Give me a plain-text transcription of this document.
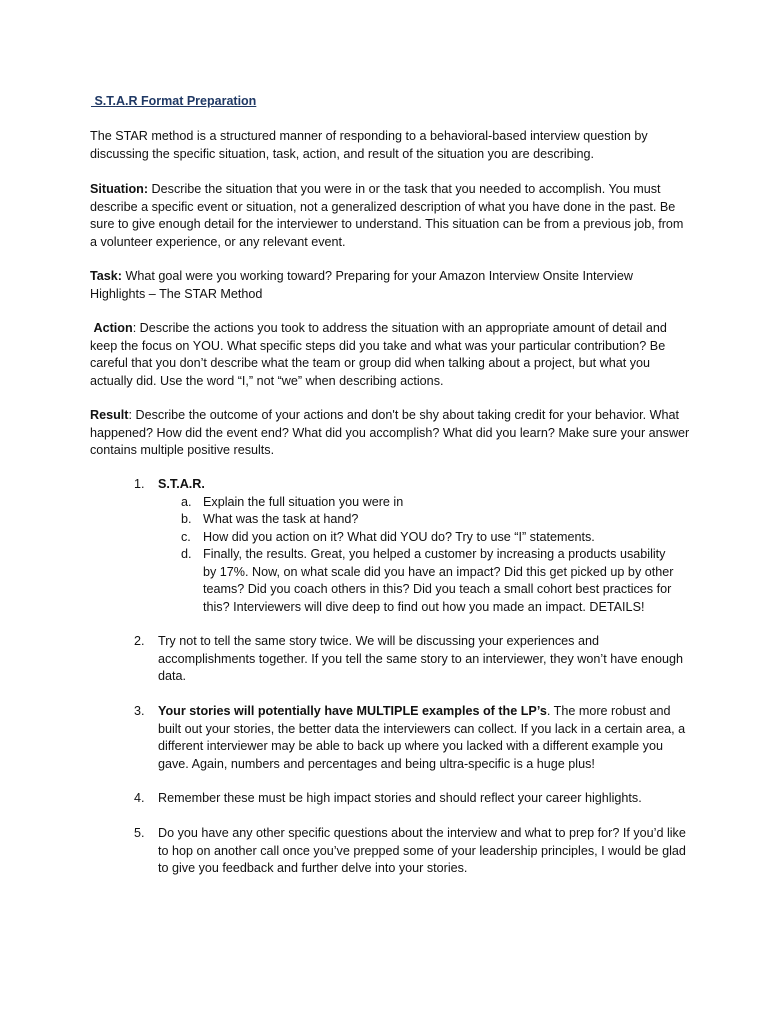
S.T.A.R Format Preparation

The STAR method is a structured manner of responding to a behavioral-based interview question by discussing the specific situation, task, action, and result of the situation you are describing.

Situation: Describe the situation that you were in or the task that you needed to accomplish. You must describe a specific event or situation, not a generalized description of what you have done in the past. Be sure to give enough detail for the interviewer to understand. This situation can be from a previous job, from a volunteer experience, or any relevant event.

Task: What goal were you working toward? Preparing for your Amazon Interview Onsite Interview Highlights – The STAR Method

Action: Describe the actions you took to address the situation with an appropriate amount of detail and keep the focus on YOU. What specific steps did you take and what was your particular contribution? Be careful that you don’t describe what the team or group did when talking about a project, but what you actually did. Use the word “I,” not “we” when describing actions.

Result: Describe the outcome of your actions and don't be shy about taking credit for your behavior. What happened? How did the event end? What did you accomplish? What did you learn? Make sure your answer contains multiple positive results.

1.	S.T.A.R.
a. Explain the full situation you were in
b. What was the task at hand?
c. How did you action on it? What did YOU do? Try to use “I” statements.
d. Finally, the results. Great, you helped a customer by increasing a products usability by 17%. Now, on what scale did you have an impact? Did this get picked up by other teams? Did you coach others in this? Did you teach a small cohort best practices for this? Interviewers will dive deep to find out how you made an impact. DETAILS!
2.	Try not to tell the same story twice. We will be discussing your experiences and accomplishments together. If you tell the same story to an interviewer, they won’t have enough data.
3.	Your stories will potentially have MULTIPLE examples of the LP’s. The more robust and built out your stories, the better data the interviewers can collect. If you lack in a certain area, a different interviewer may be able to back up where you lacked with a different example you gave. Again, numbers and percentages and being ultra-specific is a huge plus!
4.	Remember these must be high impact stories and should reflect your career highlights.
5.	Do you have any other specific questions about the interview and what to prep for? If you’d like to hop on another call once you’ve prepped some of your leadership principles, I would be glad to give you feedback and further delve into your stories.
